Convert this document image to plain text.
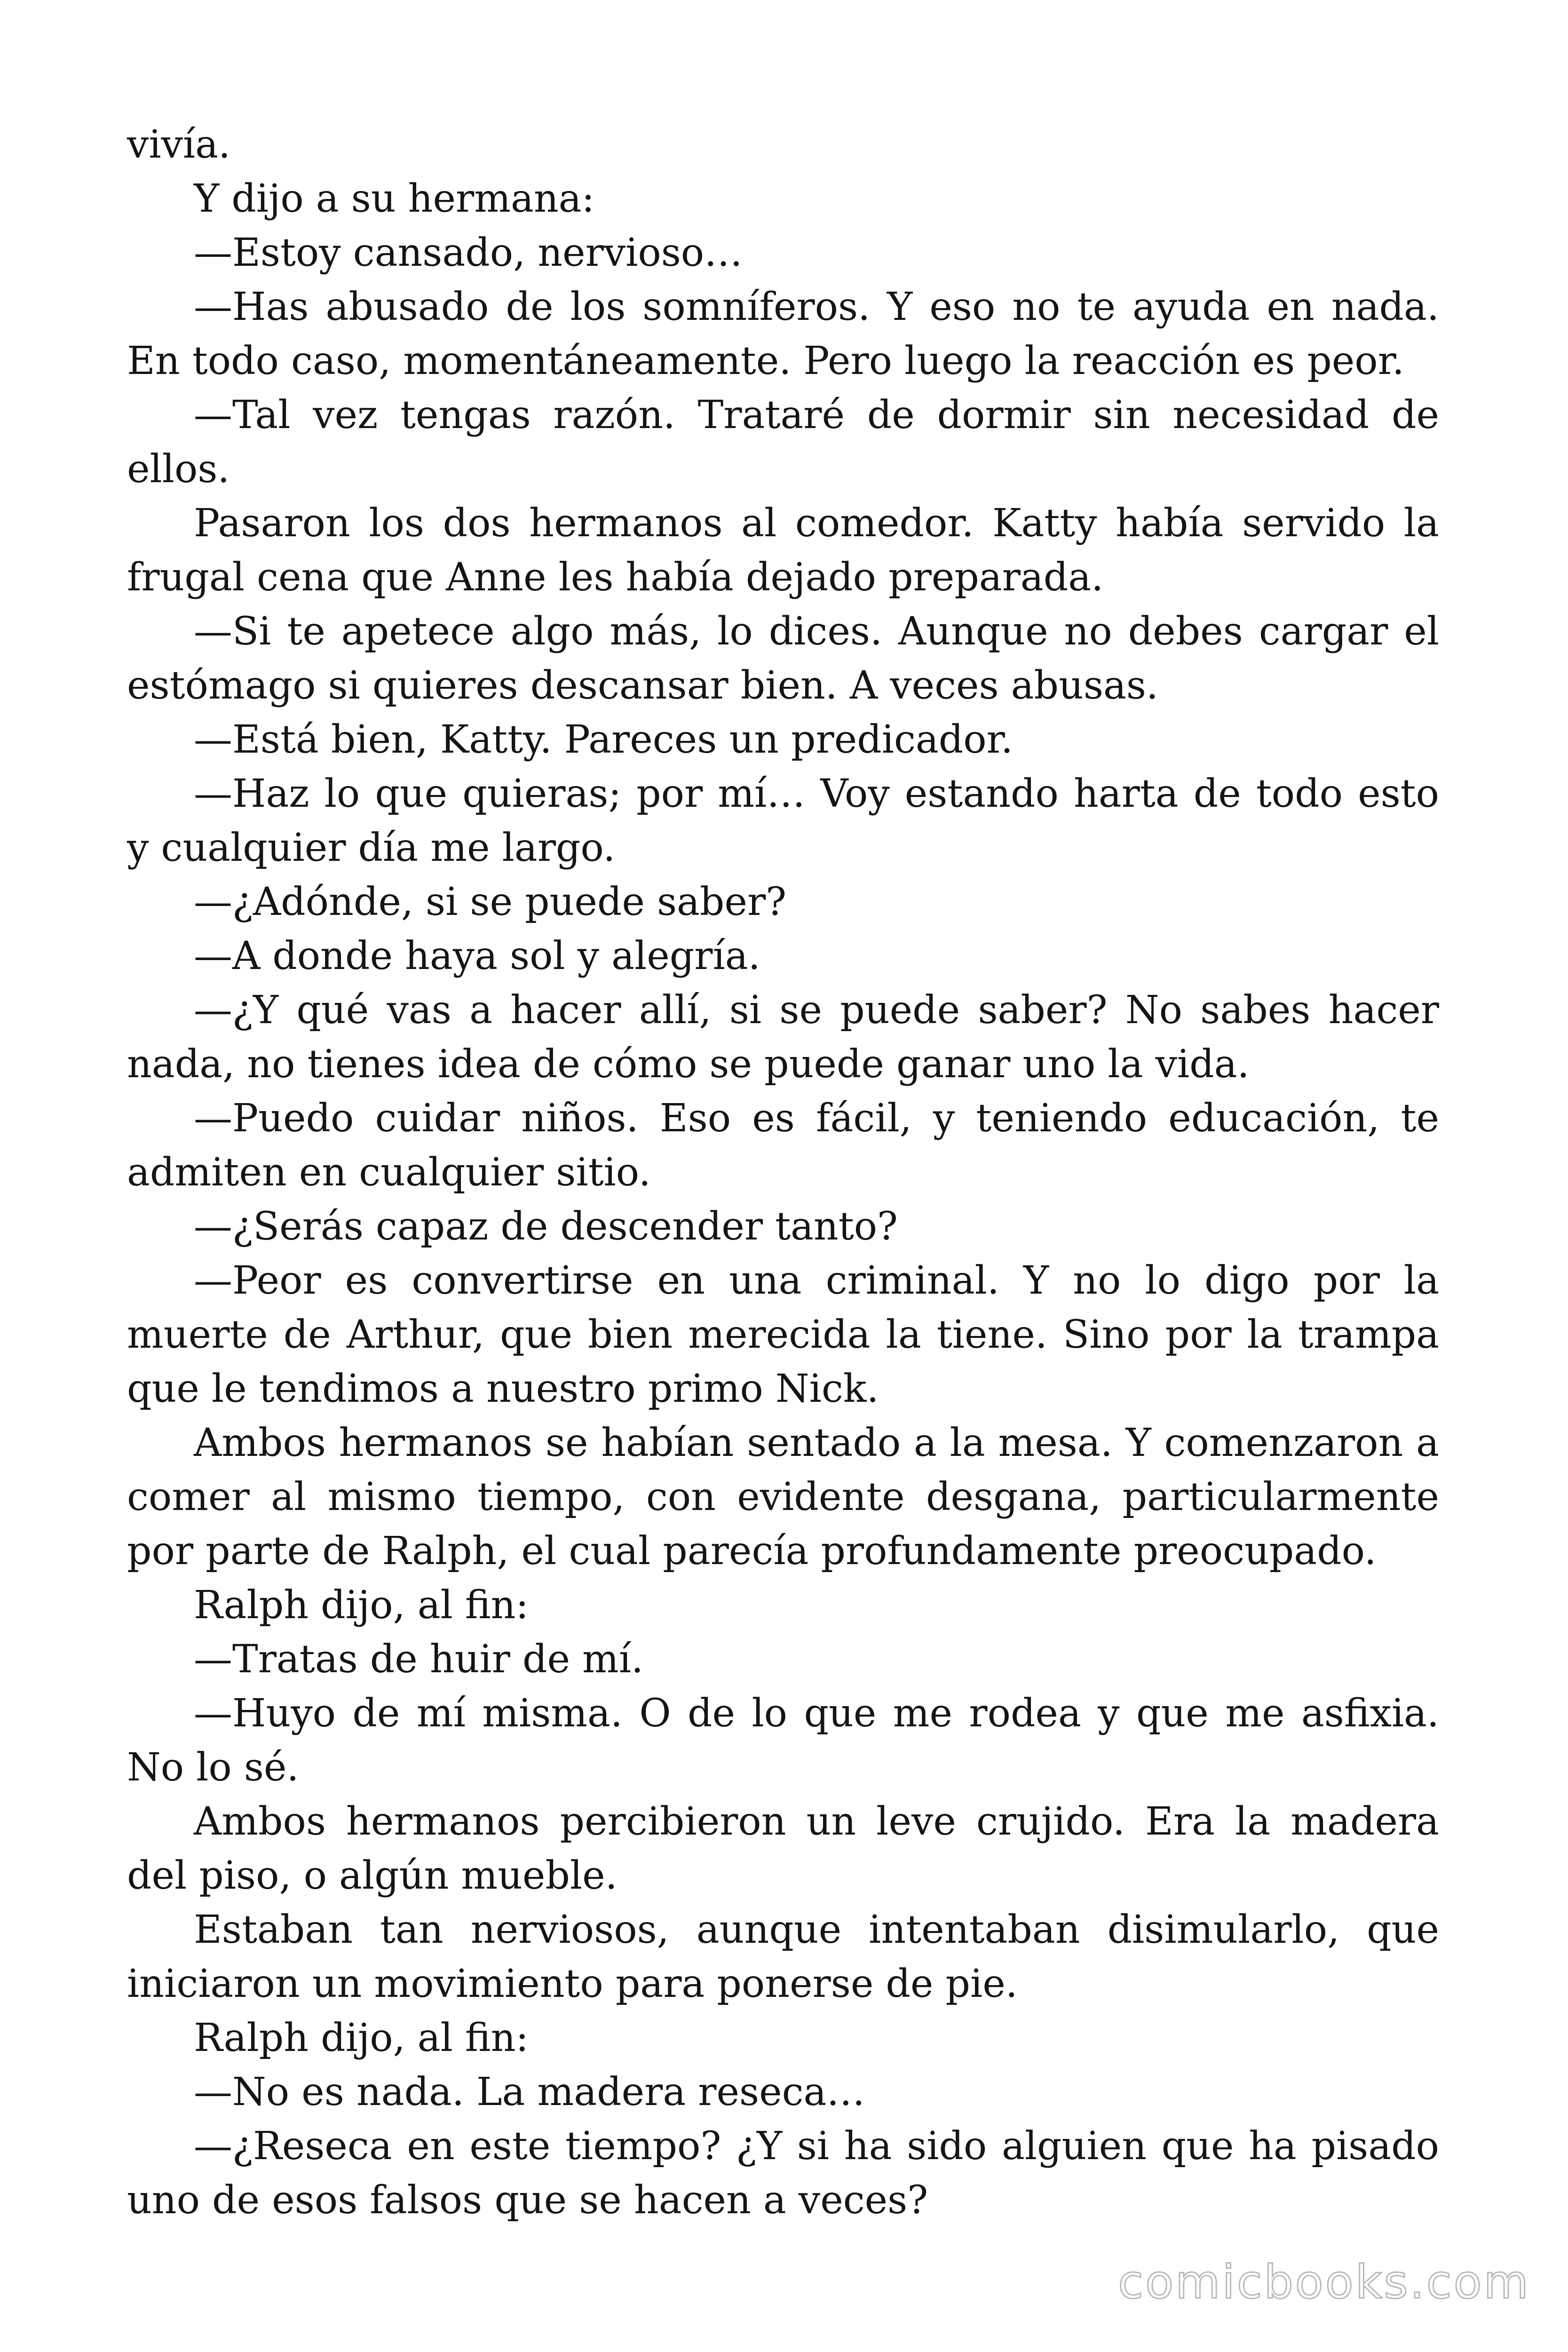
vivía.

Y dijo a su hermana:

—Estoy cansado, nervioso…

—Has abusado de los somníferos. Y eso no te ayuda en nada. En todo caso, momentáneamente. Pero luego la reacción es peor.

—Tal vez tengas razón. Trataré de dormir sin necesidad de ellos.

Pasaron los dos hermanos al comedor. Katty había servido la frugal cena que Anne les había dejado preparada.

—Si te apetece algo más, lo dices. Aunque no debes cargar el estómago si quieres descansar bien. A veces abusas.

—Está bien, Katty. Pareces un predicador.

—Haz lo que quieras; por mí… Voy estando harta de todo esto y cualquier día me largo.

—¿Adónde, si se puede saber?

—A donde haya sol y alegría.

—¿Y qué vas a hacer allí, si se puede saber? No sabes hacer nada, no tienes idea de cómo se puede ganar uno la vida.

—Puedo cuidar niños. Eso es fácil, y teniendo educación, te admiten en cualquier sitio.

—¿Serás capaz de descender tanto?

—Peor es convertirse en una criminal. Y no lo digo por la muerte de Arthur, que bien merecida la tiene. Sino por la trampa que le tendimos a nuestro primo Nick.

Ambos hermanos se habían sentado a la mesa. Y comenzaron a comer al mismo tiempo, con evidente desgana, particularmente por parte de Ralph, el cual parecía profundamente preocupado.

Ralph dijo, al fin:

—Tratas de huir de mí.

—Huyo de mí misma. O de lo que me rodea y que me asfixia. No lo sé.

Ambos hermanos percibieron un leve crujido. Era la madera del piso, o algún mueble.

Estaban tan nerviosos, aunque intentaban disimularlo, que iniciaron un movimiento para ponerse de pie.

Ralph dijo, al fin:

—No es nada. La madera reseca…

—¿Reseca en este tiempo? ¿Y si ha sido alguien que ha pisado uno de esos falsos que se hacen a veces?

comicbooks.com
